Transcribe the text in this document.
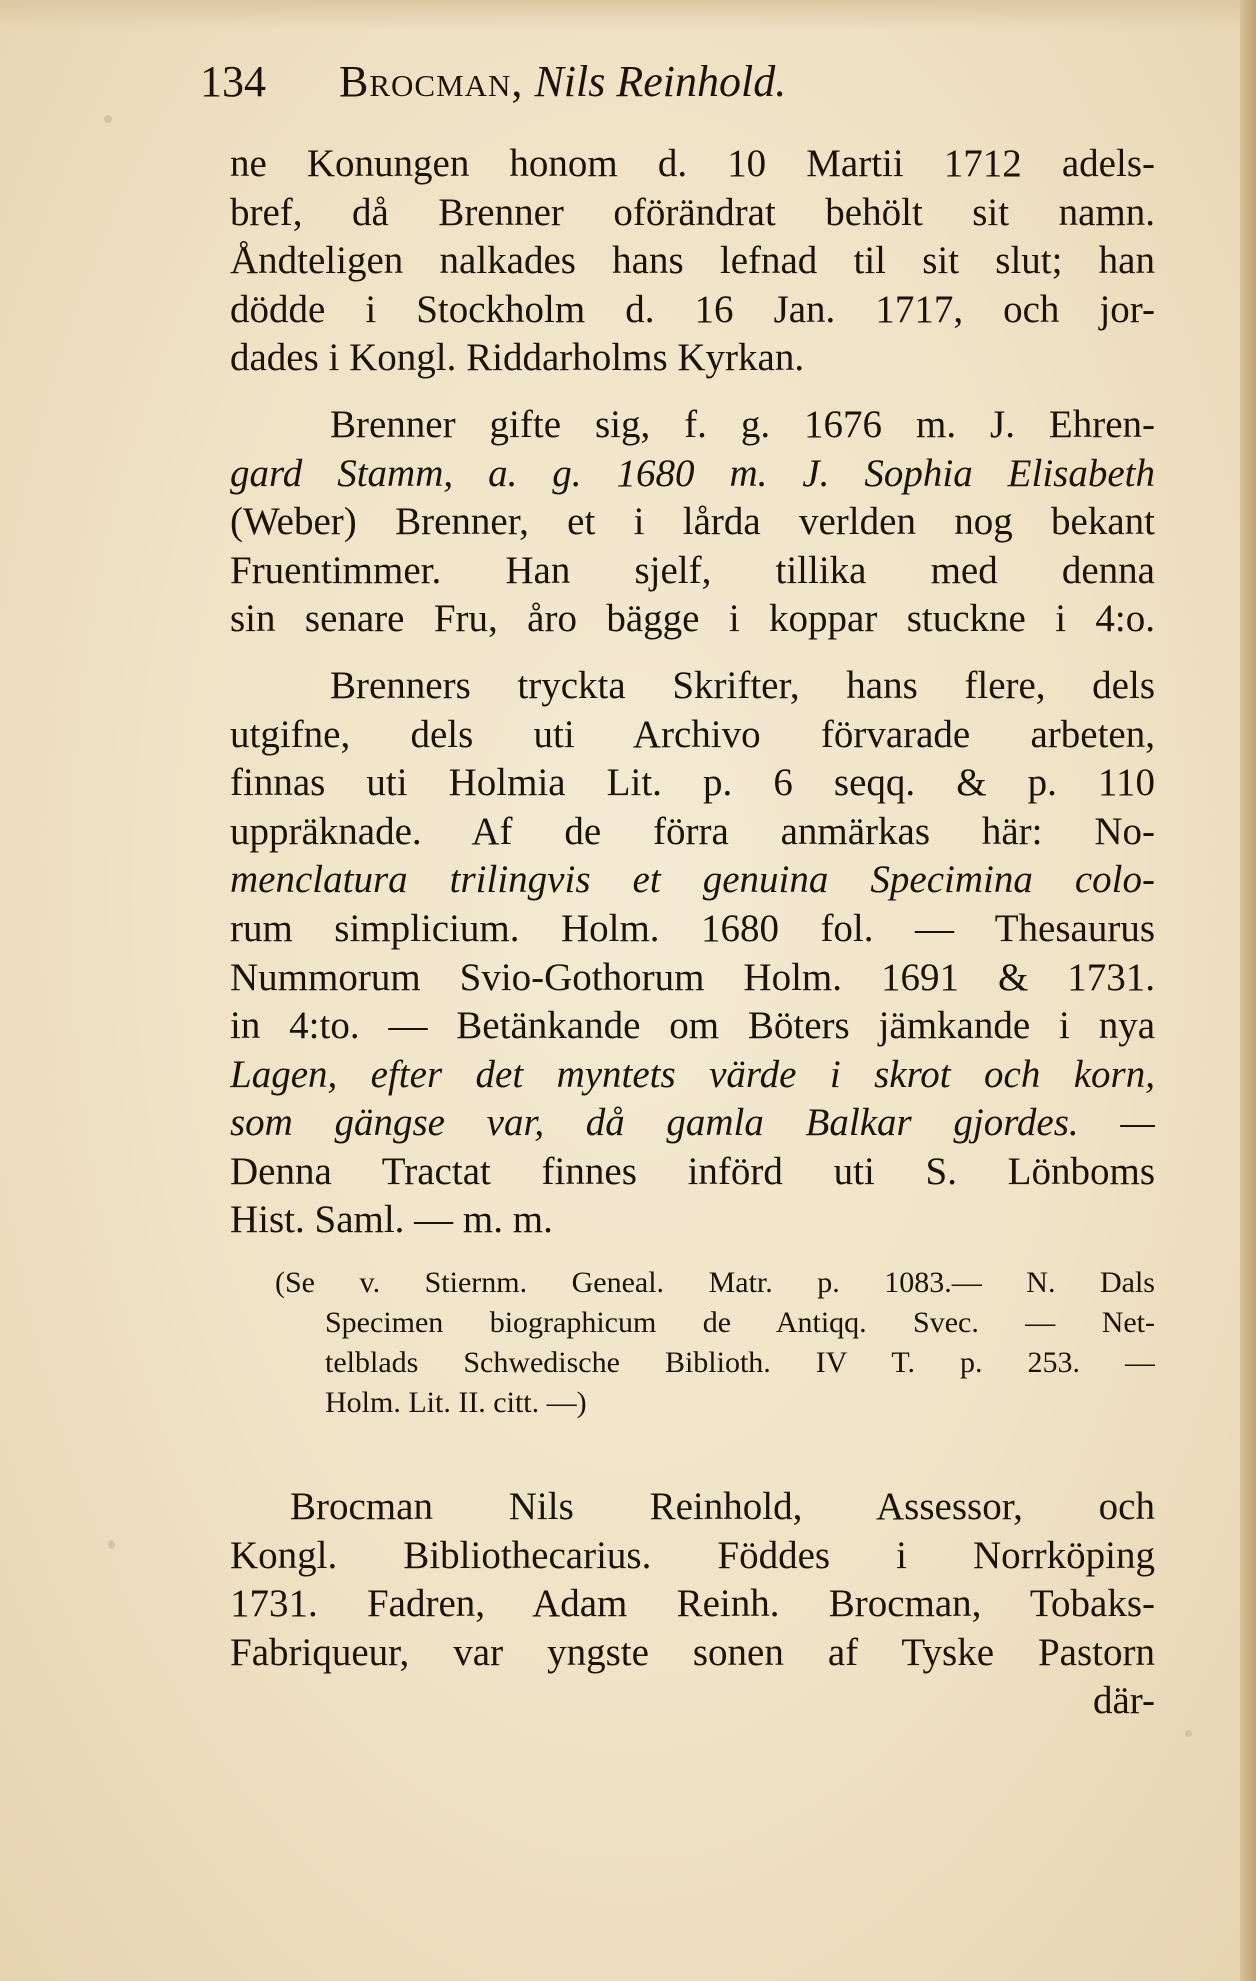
134 Brocman, Nils Reinhold.
ne Konungen honom d. 10 Martii 1712 adels-
bref, då Brenner oförändrat behölt sit namn.
Åndteligen nalkades hans lefnad til sit slut; han
dödde i Stockholm d. 16 Jan. 1717, och jor-
dades i Kongl. Riddarholms Kyrkan.
Brenner gifte sig, f. g. 1676 m. J. Ehren-
gard Stamm, a. g. 1680 m. J. Sophia Elisabeth
(Weber) Brenner, et i lårda verlden nog bekant
Fruentimmer. Han sjelf, tillika med denna
sin senare Fru, åro bägge i koppar stuckne i 4:o.
Brenners tryckta Skrifter, hans flere, dels
utgifne, dels uti Archivo förvarade arbeten,
finnas uti Holmia Lit. p. 6 seqq. & p. 110
uppräknade. Af de förra anmärkas här: No-
menclatura trilingvis et genuina Specimina colo-
rum simplicium. Holm. 1680 fol. — Thesaurus
Nummorum Svio-Gothorum Holm. 1691 & 1731.
in 4:to. — Betänkande om Böters jämkande i nya
Lagen, efter det myntets värde i skrot och korn,
som gängse var, då gamla Balkar gjordes. —
Denna Tractat finnes införd uti S. Lönboms
Hist. Saml. — m. m.
(Se v. Stiernm. Geneal. Matr. p. 1083.— N. Dals
Specimen biographicum de Antiqq. Svec. — Net-
telblads Schwedische Biblioth. IV T. p. 253. —
Holm. Lit. II. citt. —)
Brocman Nils Reinhold, Assessor, och
Kongl. Bibliothecarius. Föddes i Norrköping
1731. Fadren, Adam Reinh. Brocman, Tobaks-
Fabriqueur, var yngste sonen af Tyske Pastorn
där-
